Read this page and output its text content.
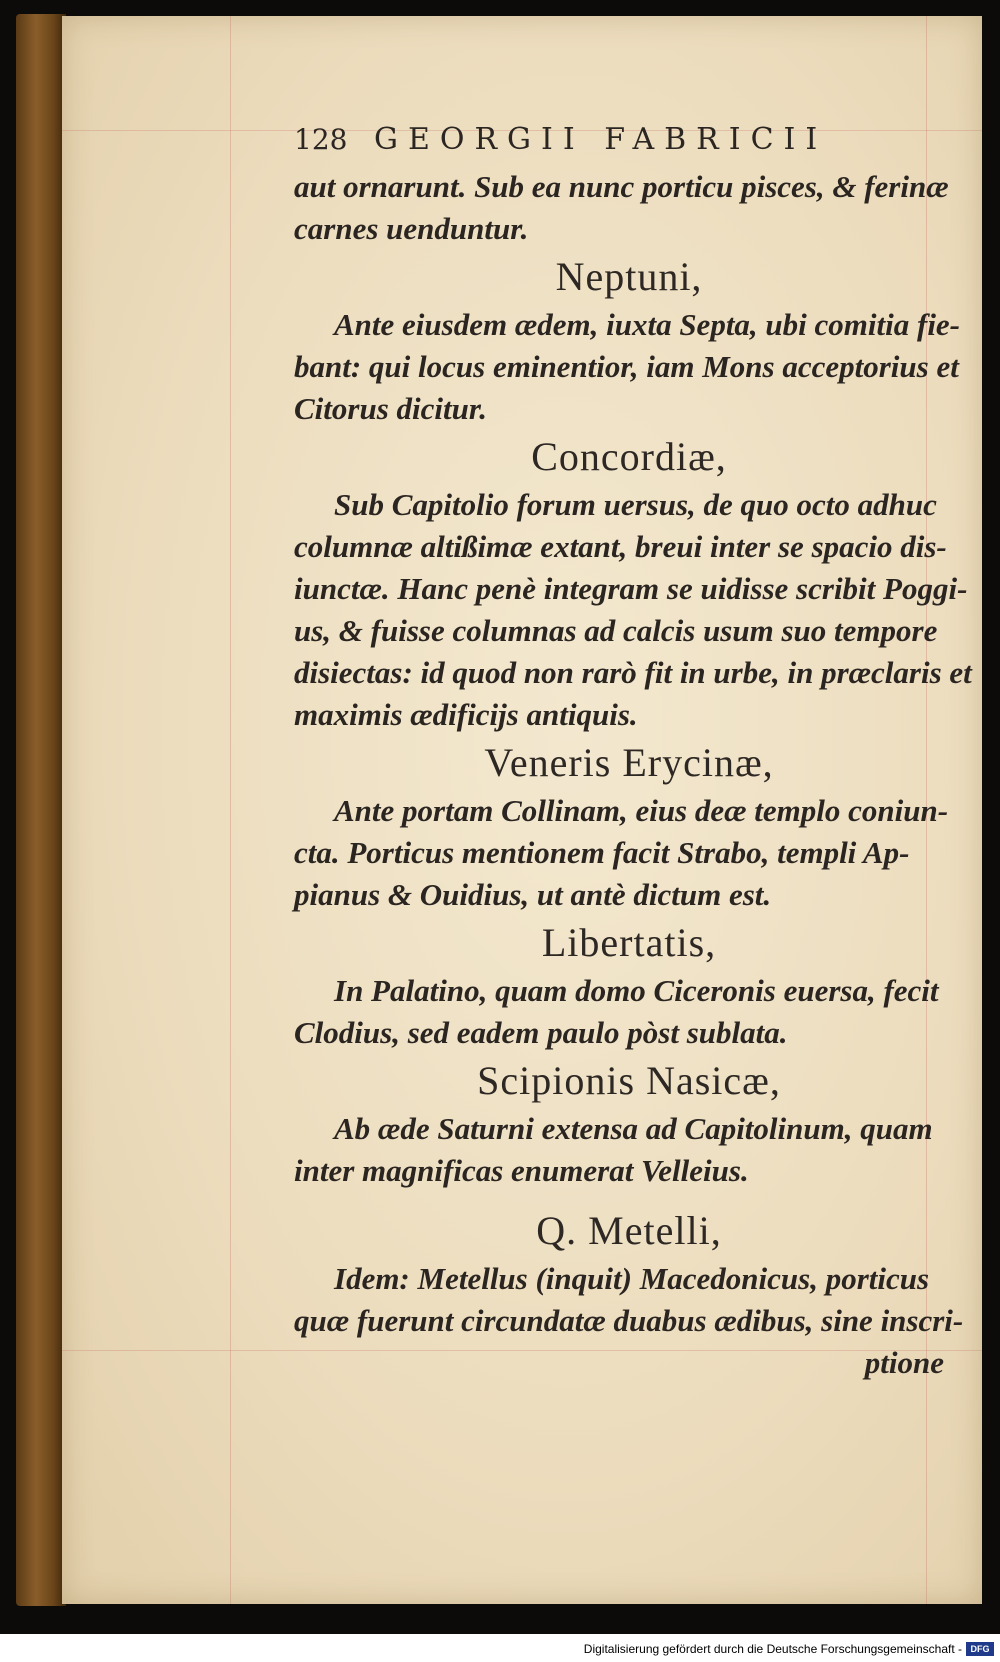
128 GEORGII FABRICII
aut ornarunt. Sub ea nunc porticu pisces, & ferinæ
carnes uenduntur.
Neptuni,
Ante eiusdem ædem, iuxta Septa, ubi comitia fie-
bant: qui locus eminentior, iam Mons acceptorius et
Citorus dicitur.
Concordiæ,
Sub Capitolio forum uersus, de quo octo adhuc
columnæ altißimæ extant, breui inter se spacio dis-
iunctæ. Hanc penè integram se uidisse scribit Poggi-
us, & fuisse columnas ad calcis usum suo tempore
disiectas: id quod non rarò fit in urbe, in præclaris et
maximis ædificijs antiquis.
Veneris Erycinæ,
Ante portam Collinam, eius deæ templo coniun-
cta. Porticus mentionem facit Strabo, templi Ap-
pianus & Ouidius, ut antè dictum est.
Libertatis,
In Palatino, quam domo Ciceronis euersa, fecit
Clodius, sed eadem paulo pòst sublata.
Scipionis Nasicæ,
Ab æde Saturni extensa ad Capitolinum, quam
inter magnificas enumerat Velleius.
Q. Metelli,
Idem: Metellus (inquit) Macedonicus, porticus
quæ fuerunt circundatæ duabus ædibus, sine inscri-
ptione
Digitalisierung gefördert durch die Deutsche Forschungsgemeinschaft - DFG
